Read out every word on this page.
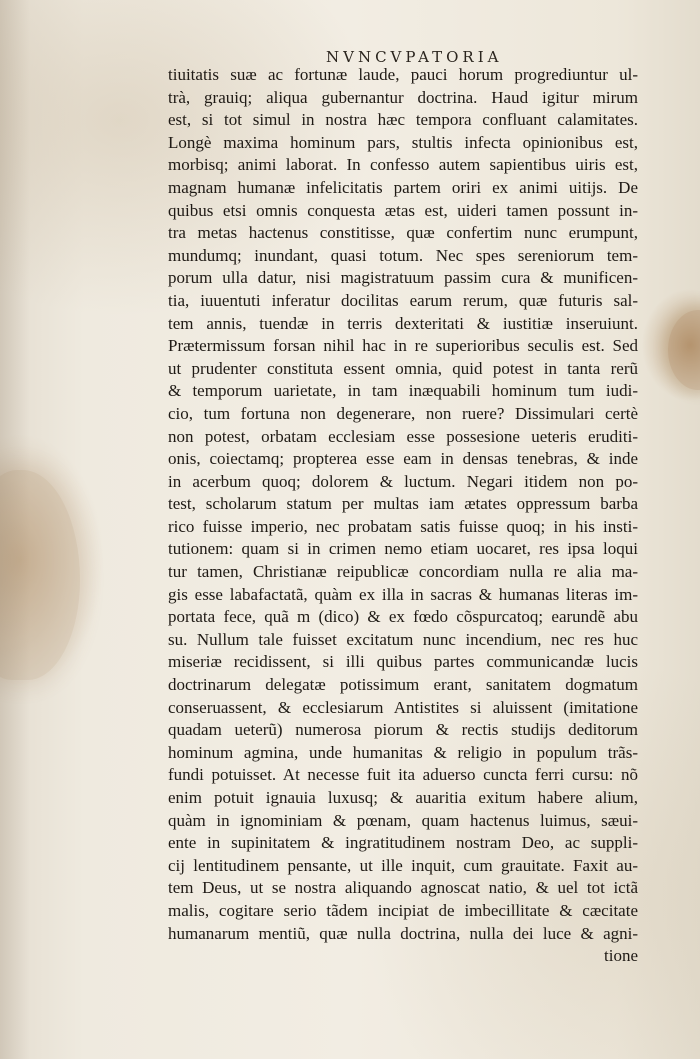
NVNCVPATORIA
tiuitatis suæ ac fortunæ laude, pauci horum progrediuntur ul-
trà, grauiq; aliqua gubernantur doctrina. Haud igitur mirum
est, si tot simul in nostra hæc tempora confluant calamitates.
Longè maxima hominum pars, stultis infecta opinionibus est,
morbisq; animi laborat. In confesso autem sapientibus uiris est,
magnam humanæ infelicitatis partem oriri ex animi uitijs. De
quibus etsi omnis conquesta ætas est, uideri tamen possunt in-
tra metas hactenus constitisse, quæ confertim nunc erumpunt,
mundumq; inundant, quasi totum. Nec spes sereniorum tem-
porum ulla datur, nisi magistratuum passim cura & munificen-
tia, iuuentuti inferatur docilitas earum rerum, quæ futuris sal-
tem annis, tuendæ in terris dexteritati & iustitiæ inseruiunt.
Prætermissum forsan nihil hac in re superioribus seculis est. Sed
ut prudenter constituta essent omnia, quid potest in tanta rerũ
& temporum uarietate, in tam inæquabili hominum tum iudi-
cio, tum fortuna non degenerare, non ruere? Dissimulari certè
non potest, orbatam ecclesiam esse possesione ueteris eruditi-
onis, coiectamq; propterea esse eam in densas tenebras, & inde
in acerbum quoq; dolorem & luctum. Negari itidem non po-
test, scholarum statum per multas iam ætates oppressum barba
rico fuisse imperio, nec probatam satis fuisse quoq; in his insti-
tutionem: quam si in crimen nemo etiam uocaret, res ipsa loqui
tur tamen, Christianæ reipublicæ concordiam nulla re alia ma-
gis esse labafactatã, quàm ex illa in sacras & humanas literas im-
portata fece, quã m (dico) & ex fœdo cõspurcatoq; earundẽ abu
su. Nullum tale fuisset excitatum nunc incendium, nec res huc
miseriæ recidissent, si illi quibus partes communicandæ lucis
doctrinarum delegatæ potissimum erant, sanitatem dogmatum
conseruassent, & ecclesiarum Antistites si aluissent (imitatione
quadam ueterũ) numerosa piorum & rectis studijs deditorum
hominum agmina, unde humanitas & religio in populum trãs-
fundi potuisset. At necesse fuit ita aduerso cuncta ferri cursu: nõ
enim potuit ignauia luxusq; & auaritia exitum habere alium,
quàm in ignominiam & pœnam, quam hactenus luimus, sæui-
ente in supinitatem & ingratitudinem nostram Deo, ac suppli-
cij lentitudinem pensante, ut ille inquit, cum grauitate. Faxit au-
tem Deus, ut se nostra aliquando agnoscat natio, & uel tot ictã
malis, cogitare serio tãdem incipiat de imbecillitate & cæcitate
humanarum mentiũ, quæ nulla doctrina, nulla dei luce & agni-
tione
